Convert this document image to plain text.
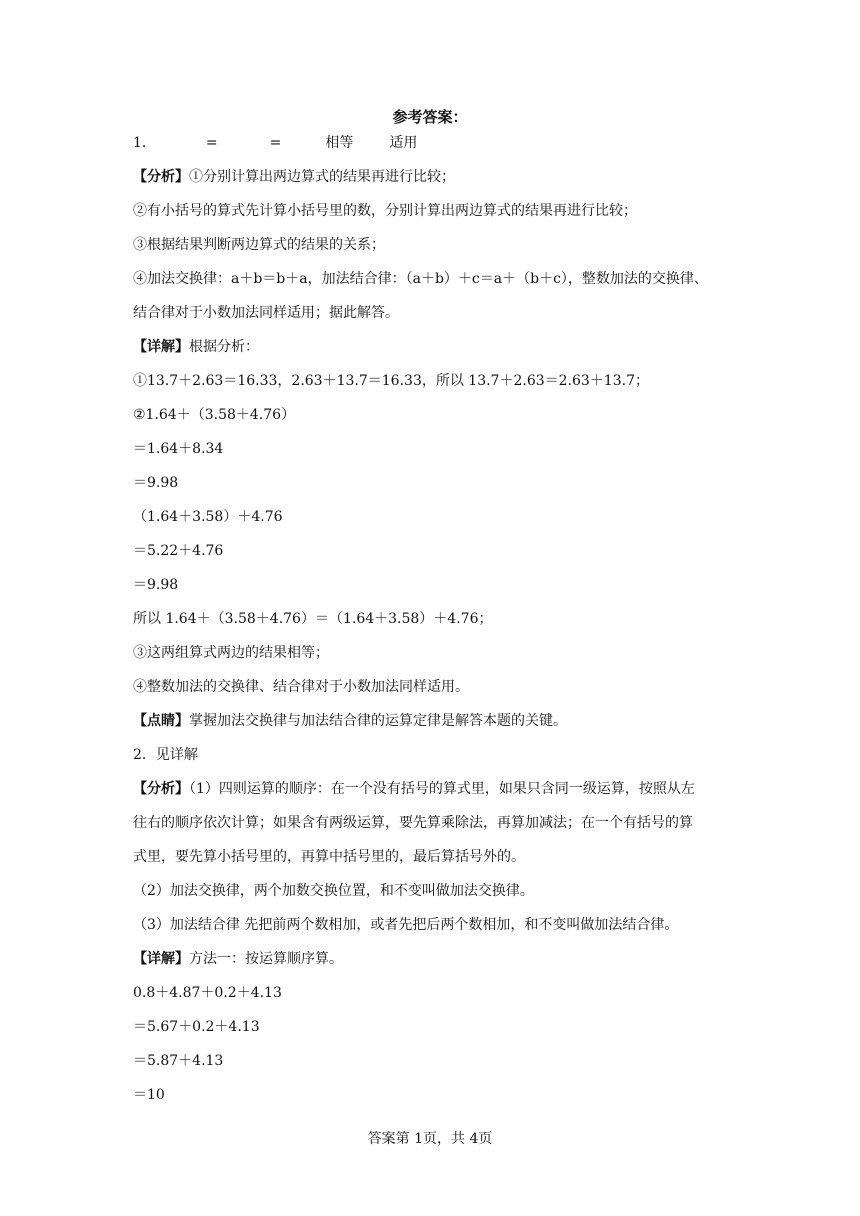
参考答案：
1．	=	=	相等	适用
【分析】①分别计算出两边算式的结果再进行比较；
②有小括号的算式先计算小括号里的数，分别计算出两边算式的结果再进行比较；
③根据结果判断两边算式的结果的关系；
④加法交换律：a＋b＝b＋a，加法结合律：（a＋b）＋c＝a＋（b＋c），整数加法的交换律、
结合律对于小数加法同样适用；据此解答。
【详解】根据分析：
①13.7＋2.63＝16.33，2.63＋13.7＝16.33，所以 13.7＋2.63＝2.63＋13.7；
②1.64＋（3.58＋4.76）
＝1.64＋8.34
＝9.98
（1.64＋3.58）＋4.76
＝5.22＋4.76
＝9.98
所以 1.64＋（3.58＋4.76）＝（1.64＋3.58）＋4.76；
③这两组算式两边的结果相等；
④整数加法的交换律、结合律对于小数加法同样适用。
【点睛】掌握加法交换律与加法结合律的运算定律是解答本题的关键。
2．见详解
【分析】（1）四则运算的顺序：在一个没有括号的算式里，如果只含同一级运算，按照从左
往右的顺序依次计算；如果含有两级运算，要先算乘除法，再算加减法；在一个有括号的算
式里，要先算小括号里的，再算中括号里的，最后算括号外的。
（2）加法交换律，两个加数交换位置，和不变叫做加法交换律。
（3）加法结合律 先把前两个数相加，或者先把后两个数相加，和不变叫做加法结合律。
【详解】方法一：按运算顺序算。
0.8＋4.87＋0.2＋4.13
＝5.67＋0.2＋4.13
＝5.87＋4.13
＝10
答案第 1页，共 4页
